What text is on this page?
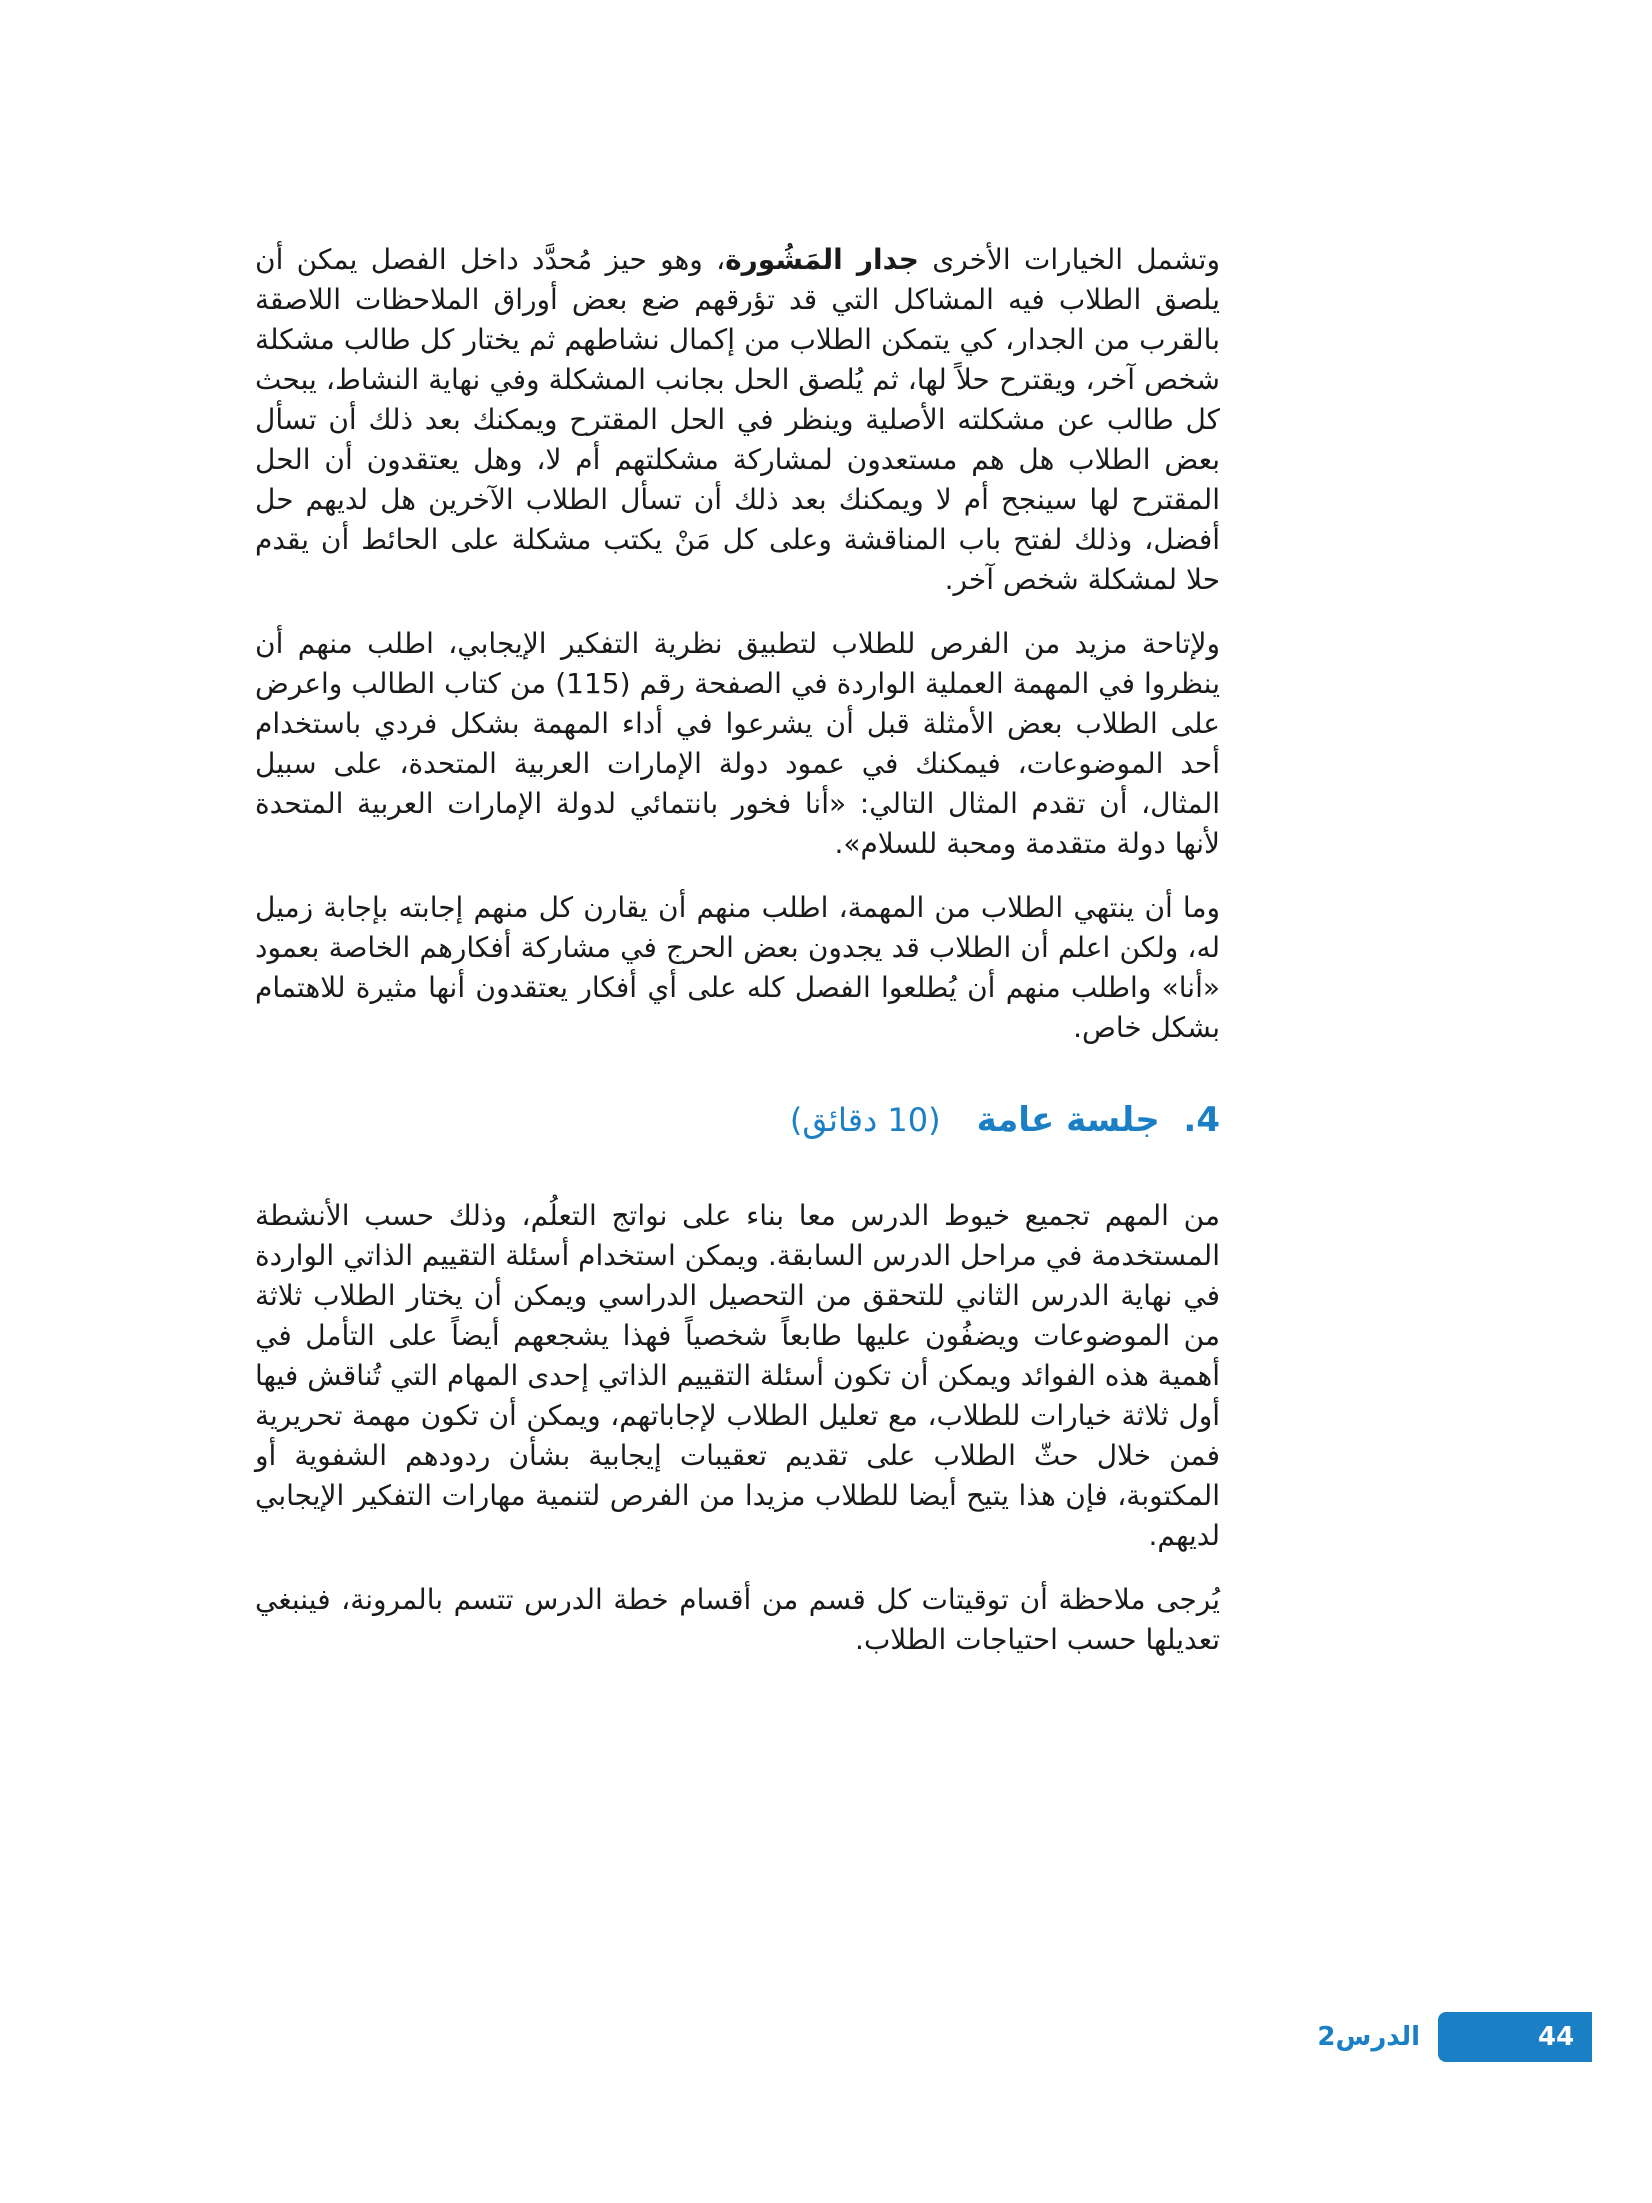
وتشمل الخيارات الأخرى جدار المَشُورة، وهو حيز مُحدَّد داخل الفصل يمكن أن يلصق الطلاب فيه المشاكل التي قد تؤرقهم ضع بعض أوراق الملاحظات اللاصقة بالقرب من الجدار، كي يتمكن الطلاب من إكمال نشاطهم ثم يختار كل طالب مشكلة شخص آخر، ويقترح حلاً لها، ثم يُلصق الحل بجانب المشكلة وفي نهاية النشاط، يبحث كل طالب عن مشكلته الأصلية وينظر في الحل المقترح ويمكنك بعد ذلك أن تسأل بعض الطلاب هل هم مستعدون لمشاركة مشكلتهم أم لا، وهل يعتقدون أن الحل المقترح لها سينجح أم لا ويمكنك بعد ذلك أن تسأل الطلاب الآخرين هل لديهم حل أفضل، وذلك لفتح باب المناقشة وعلى كل مَنْ يكتب مشكلة على الحائط أن يقدم حلا لمشكلة شخص آخر.

ولإتاحة مزيد من الفرص للطلاب لتطبيق نظرية التفكير الإيجابي، اطلب منهم أن ينظروا في المهمة العملية الواردة في الصفحة رقم (115) من كتاب الطالب واعرض على الطلاب بعض الأمثلة قبل أن يشرعوا في أداء المهمة بشكل فردي باستخدام أحد الموضوعات، فيمكنك في عمود دولة الإمارات العربية المتحدة، على سبيل المثال، أن تقدم المثال التالي: «أنا فخور بانتمائي لدولة الإمارات العربية المتحدة لأنها دولة متقدمة ومحبة للسلام».

وما أن ينتهي الطلاب من المهمة، اطلب منهم أن يقارن كل منهم إجابته بإجابة زميل له، ولكن اعلم أن الطلاب قد يجدون بعض الحرج في مشاركة أفكارهم الخاصة بعمود «أنا» واطلب منهم أن يُطلعوا الفصل كله على أي أفكار يعتقدون أنها مثيرة للاهتمام بشكل خاص.

.4  جلسة عامة
(10 دقائق)

من المهم تجميع خيوط الدرس معا بناء على نواتج التعلُم، وذلك حسب الأنشطة المستخدمة في مراحل الدرس السابقة. ويمكن استخدام أسئلة التقييم الذاتي الواردة في نهاية الدرس الثاني للتحقق من التحصيل الدراسي ويمكن أن يختار الطلاب ثلاثة من الموضوعات ويضفُون عليها طابعاً شخصياً فهذا يشجعهم أيضاً على التأمل في أهمية هذه الفوائد ويمكن أن تكون أسئلة التقييم الذاتي إحدى المهام التي تُناقش فيها أول ثلاثة خيارات للطلاب، مع تعليل الطلاب لإجاباتهم، ويمكن أن تكون مهمة تحريرية فمن خلال حثّ الطلاب على تقديم تعقيبات إيجابية بشأن ردودهم الشفوية أو المكتوبة، فإن هذا يتيح أيضا للطلاب مزيدا من الفرص لتنمية مهارات التفكير الإيجابي لديهم.

يُرجى ملاحظة أن توقيتات كل قسم من أقسام خطة الدرس تتسم بالمرونة، فينبغي تعديلها حسب احتياجات الطلاب.

44
الدرس2
